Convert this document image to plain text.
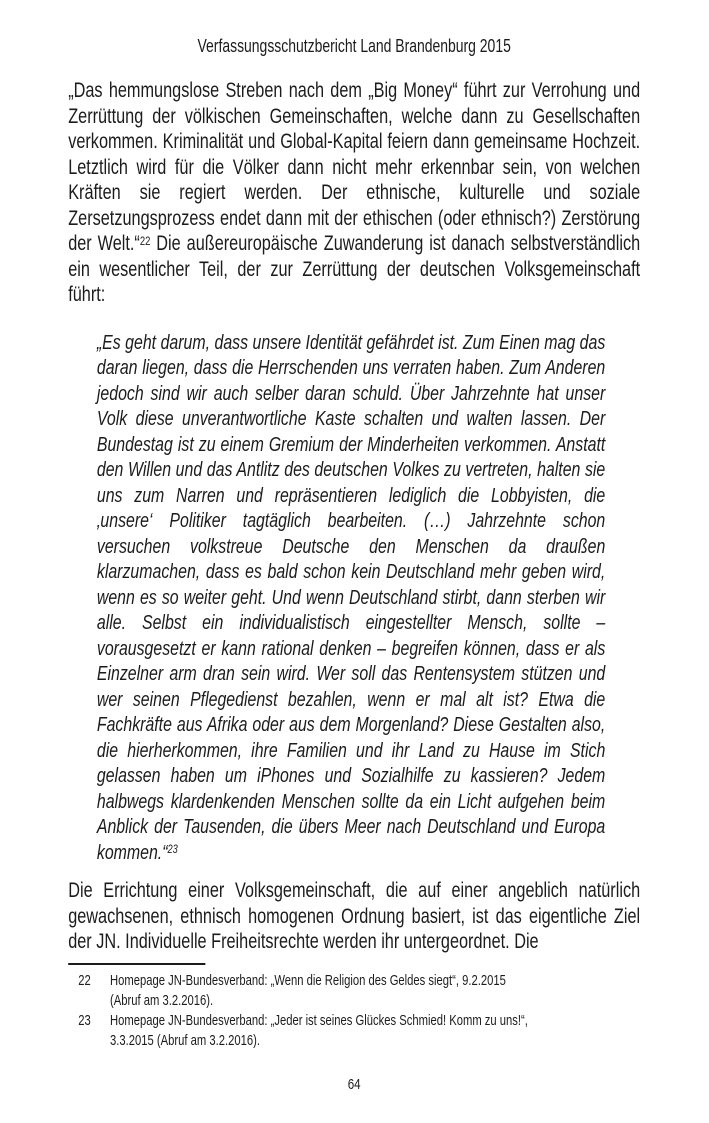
Verfassungsschutzbericht Land Brandenburg 2015

„Das hemmungslose Streben nach dem „Big Money“ führt zur Verrohung und Zerrüttung der völkischen Gemeinschaften, welche dann zu Gesellschaften verkommen. Kriminalität und Global-Kapital feiern dann gemeinsame Hochzeit. Letztlich wird für die Völker dann nicht mehr erkennbar sein, von welchen Kräften sie regiert werden. Der ethnische, kulturelle und soziale Zersetzungsprozess endet dann mit der ethischen (oder ethnisch?) Zerstörung der Welt.“$^{22}$ Die außereuropäische Zuwanderung ist danach selbstverständlich ein wesentlicher Teil, der zur Zerrüttung der deutschen Volksgemeinschaft führt:

„Es geht darum, dass unsere Identität gefährdet ist. Zum Einen mag das daran liegen, dass die Herrschenden uns verraten haben. Zum Anderen jedoch sind wir auch selber daran schuld. Über Jahrzehnte hat unser Volk diese unverantwortliche Kaste schalten und walten lassen. Der Bundestag ist zu einem Gremium der Minderheiten verkommen. Anstatt den Willen und das Antlitz des deutschen Volkes zu vertreten, halten sie uns zum Narren und repräsentieren lediglich die Lobbyisten, die ‚unsere‘ Politiker tagtäglich bearbeiten. (…) Jahrzehnte schon versuchen volkstreue Deutsche den Menschen da draußen klarzumachen, dass es bald schon kein Deutschland mehr geben wird, wenn es so weiter geht. Und wenn Deutschland stirbt, dann sterben wir alle. Selbst ein individualistisch eingestellter Mensch, sollte – vorausgesetzt er kann rational denken – begreifen können, dass er als Einzelner arm dran sein wird. Wer soll das Rentensystem stützen und wer seinen Pflegedienst bezahlen, wenn er mal alt ist? Etwa die Fachkräfte aus Afrika oder aus dem Morgenland? Diese Gestalten also, die hierherkommen, ihre Familien und ihr Land zu Hause im Stich gelassen haben um iPhones und Sozialhilfe zu kassieren? Jedem halbwegs klardenkenden Menschen sollte da ein Licht aufgehen beim Anblick der Tausenden, die übers Meer nach Deutschland und Europa kommen.“$^{23}$

Die Errichtung einer Volksgemeinschaft, die auf einer angeblich natürlich gewachsenen, ethnisch homogenen Ordnung basiert, ist das eigentliche Ziel der JN. Individuelle Freiheitsrechte werden ihr untergeordnet. Die

22	Homepage JN-Bundesverband: „Wenn die Religion des Geldes siegt“, 9.2.2015 (Abruf am 3.2.2016).
23	Homepage JN-Bundesverband: „Jeder ist seines Glückes Schmied! Komm zu uns!“, 3.3.2015 (Abruf am 3.2.2016).
64
